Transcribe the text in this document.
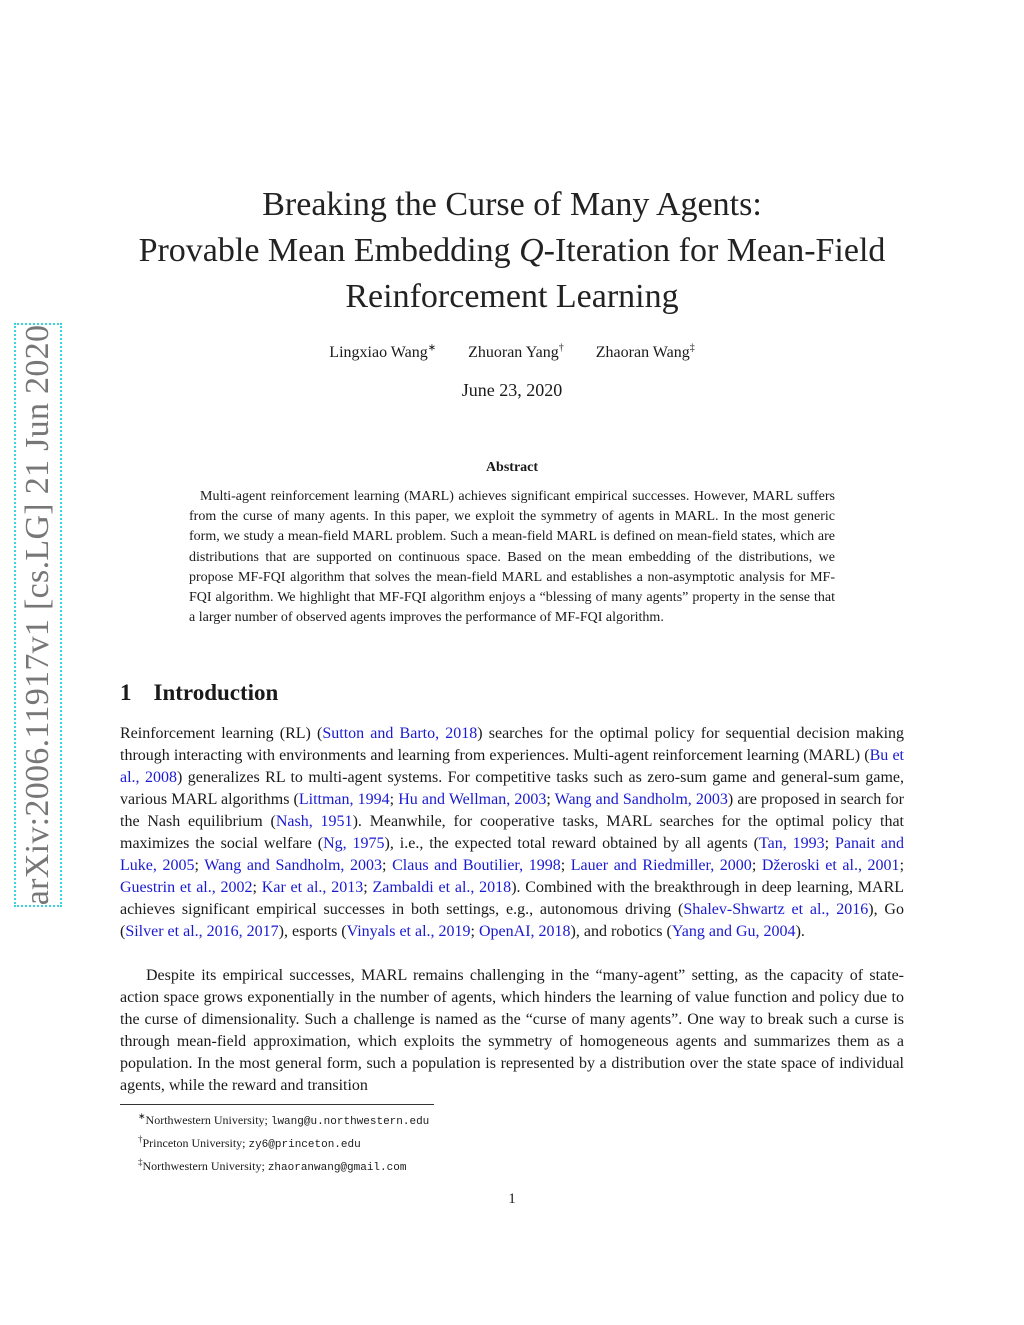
arXiv:2006.11917v1 [cs.LG] 21 Jun 2020
Breaking the Curse of Many Agents:
Provable Mean Embedding Q-Iteration for Mean-Field
Reinforcement Learning
Lingxiao Wang∗ Zhuoran Yang† Zhaoran Wang‡
June 23, 2020
Abstract
Multi-agent reinforcement learning (MARL) achieves significant empirical successes. However, MARL suffers from the curse of many agents. In this paper, we exploit the symmetry of agents in MARL. In the most generic form, we study a mean-field MARL problem. Such a mean-field MARL is defined on mean-field states, which are distributions that are supported on continuous space. Based on the mean embedding of the distributions, we propose MF-FQI algorithm that solves the mean-field MARL and establishes a non-asymptotic analysis for MF-FQI algorithm. We highlight that MF-FQI algorithm enjoys a “blessing of many agents” property in the sense that a larger number of observed agents improves the performance of MF-FQI algorithm.
1 Introduction
Reinforcement learning (RL) (Sutton and Barto, 2018) searches for the optimal policy for sequential decision making through interacting with environments and learning from experiences. Multi-agent reinforcement learning (MARL) (Bu et al., 2008) generalizes RL to multi-agent systems. For competitive tasks such as zero-sum game and general-sum game, various MARL algorithms (Littman, 1994; Hu and Wellman, 2003; Wang and Sandholm, 2003) are proposed in search for the Nash equilibrium (Nash, 1951). Meanwhile, for cooperative tasks, MARL searches for the optimal policy that maximizes the social welfare (Ng, 1975), i.e., the expected total reward obtained by all agents (Tan, 1993; Panait and Luke, 2005; Wang and Sandholm, 2003; Claus and Boutilier, 1998; Lauer and Riedmiller, 2000; Džeroski et al., 2001; Guestrin et al., 2002; Kar et al., 2013; Zambaldi et al., 2018). Combined with the breakthrough in deep learning, MARL achieves significant empirical successes in both settings, e.g., autonomous driving (Shalev-Shwartz et al., 2016), Go (Silver et al., 2016, 2017), esports (Vinyals et al., 2019; OpenAI, 2018), and robotics (Yang and Gu, 2004).
Despite its empirical successes, MARL remains challenging in the “many-agent” setting, as the capacity of state-action space grows exponentially in the number of agents, which hinders the learning of value function and policy due to the curse of dimensionality. Such a challenge is named as the “curse of many agents”. One way to break such a curse is through mean-field approximation, which exploits the symmetry of homogeneous agents and summarizes them as a population. In the most general form, such a population is represented by a distribution over the state space of individual agents, while the reward and transition
∗Northwestern University; lwang@u.northwestern.edu
†Princeton University; zy6@princeton.edu
‡Northwestern University; zhaoranwang@gmail.com
1
